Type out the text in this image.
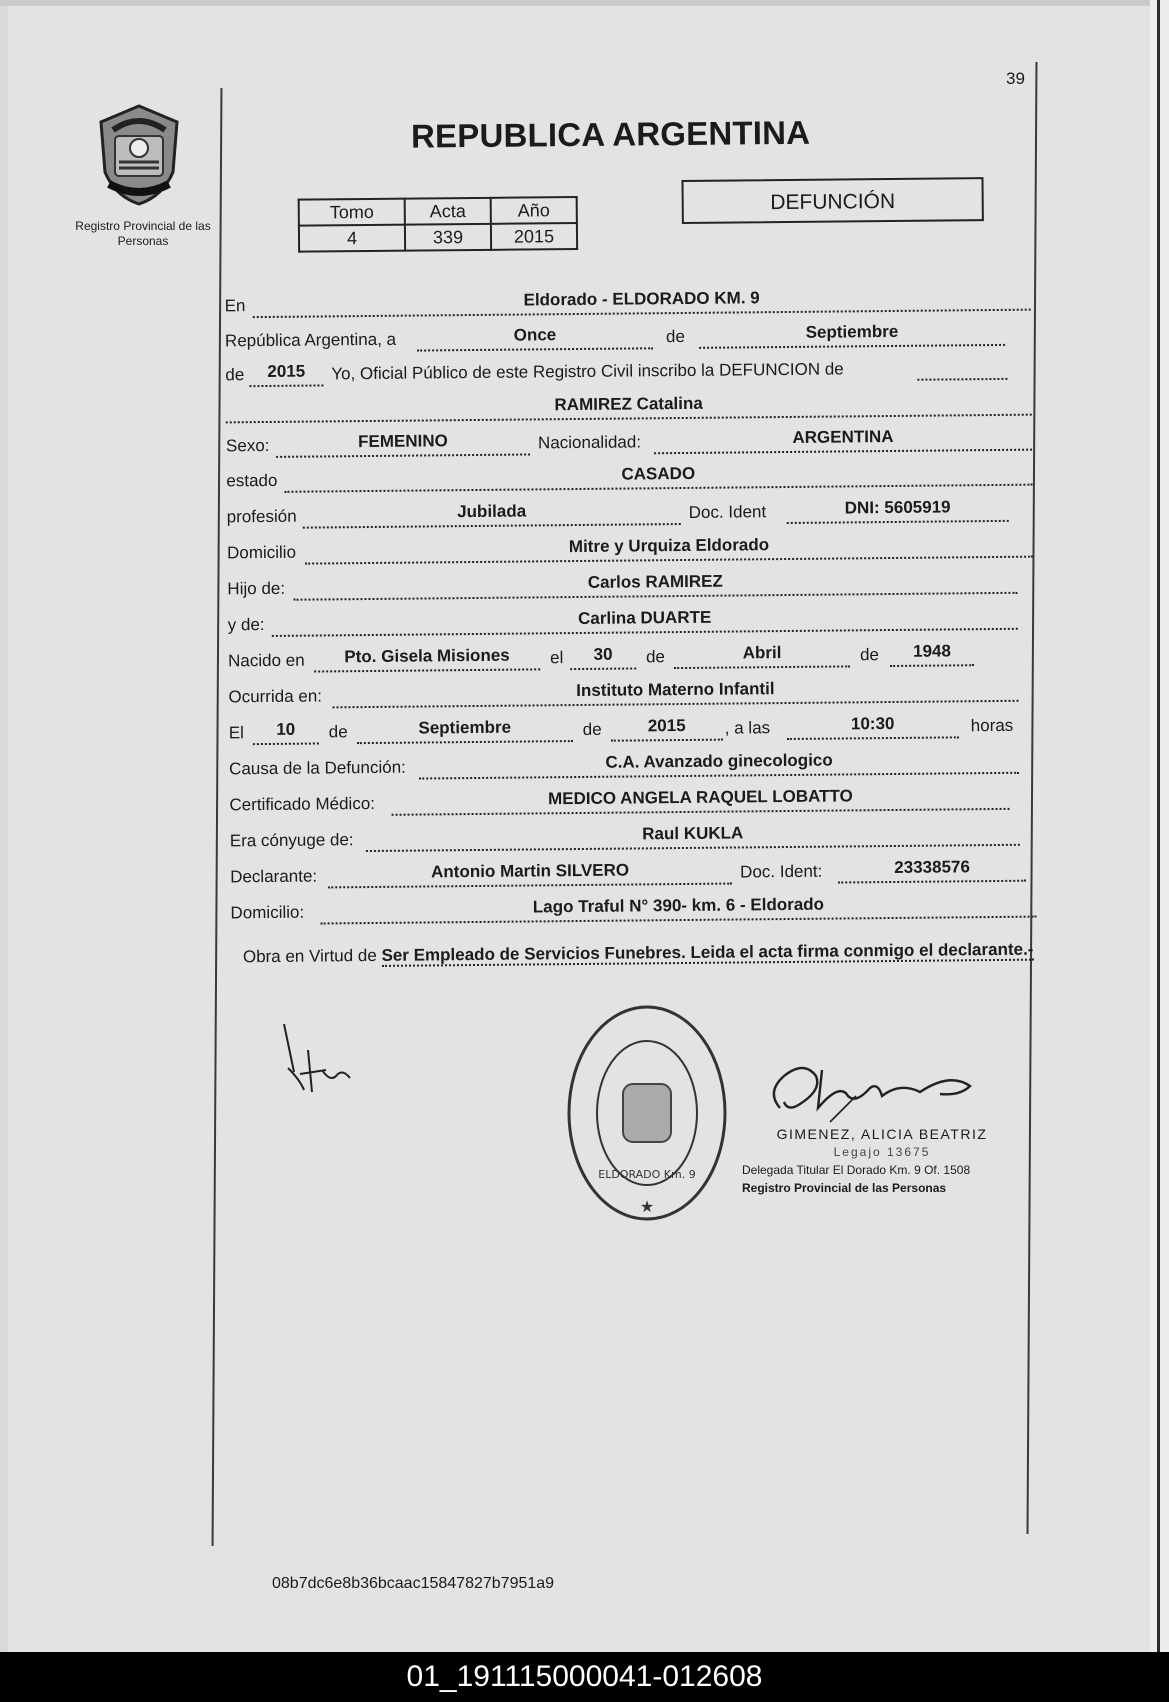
39
Registro Provincial de las Personas
REPUBLICA ARGENTINA
Tomo	Acta	Año
4	339	2015
DEFUNCIÓN
En	Eldorado - ELDORADO KM. 9
República Argentina, a	Once	de	Septiembre
de	2015	Yo, Oficial Público de este Registro Civil inscribo la DEFUNCION de
RAMIREZ Catalina
Sexo:	FEMENINO	Nacionalidad:	ARGENTINA
estado	CASADO
profesión	Jubilada	Doc. Ident	DNI: 5605919
Domicilio	Mitre y Urquiza Eldorado
Hijo de:	Carlos RAMIREZ
y de:	Carlina DUARTE
Nacido en	Pto. Gisela Misiones	el	30	de	Abril	de	1948
Ocurrida en:	Instituto Materno Infantil
El	10	de	Septiembre	de	2015	, a las	10:30	horas
Causa de la Defunción:	C.A. Avanzado ginecologico
Certificado Médico:	MEDICO ANGELA RAQUEL LOBATTO
Era cónyuge de:	Raul KUKLA
Declarante:	Antonio Martin SILVERO	Doc. Ident:	23338576
Domicilio:	Lago Traful N° 390- km. 6 - Eldorado
Obra en Virtud de Ser Empleado de Servicios Funebres. Leida el acta firma conmigo el declarante.-
★
ELDORADO Km. 9
GIMENEZ, ALICIA BEATRIZ
Legajo 13675
Delegada Titular El Dorado Km. 9 Of. 1508
Registro Provincial de las Personas
08b7dc6e8b36bcaac15847827b7951a9
01_191115000041-012608
